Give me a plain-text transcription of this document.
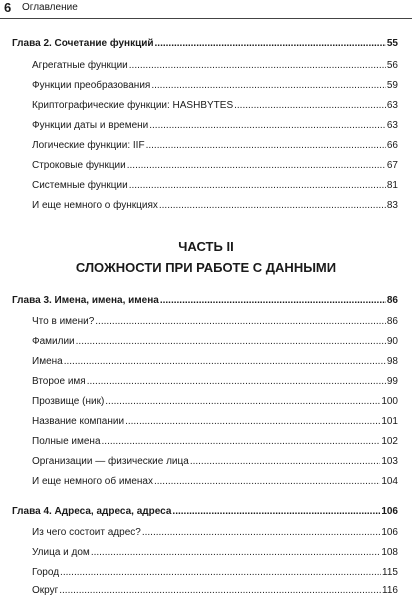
6 Оглавление
Глава 2. Сочетание функций .....	55
Агрегатные функции .....	56
Функции преобразования .....	59
Криптографические функции: HASHBYTES .....	63
Функции даты и времени .....	63
Логические функции: IIF .....	66
Строковые функции .....	67
Системные функции .....	81
И еще немного о функциях .....	83
ЧАСТЬ II
СЛОЖНОСТИ ПРИ РАБОТЕ С ДАННЫМИ
Глава 3. Имена, имена, имена .....	86
Что в имени? .....	86
Фамилии .....	90
Имена .....	98
Второе имя .....	99
Прозвище (ник) .....	100
Название компании .....	101
Полные имена .....	102
Организации — физические лица .....	103
И еще немного об именах .....	104
Глава 4. Адреса, адреса, адреса .....	106
Из чего состоит адрес? .....	106
Улица и дом .....	108
Город .....	115
Округ .....	116
